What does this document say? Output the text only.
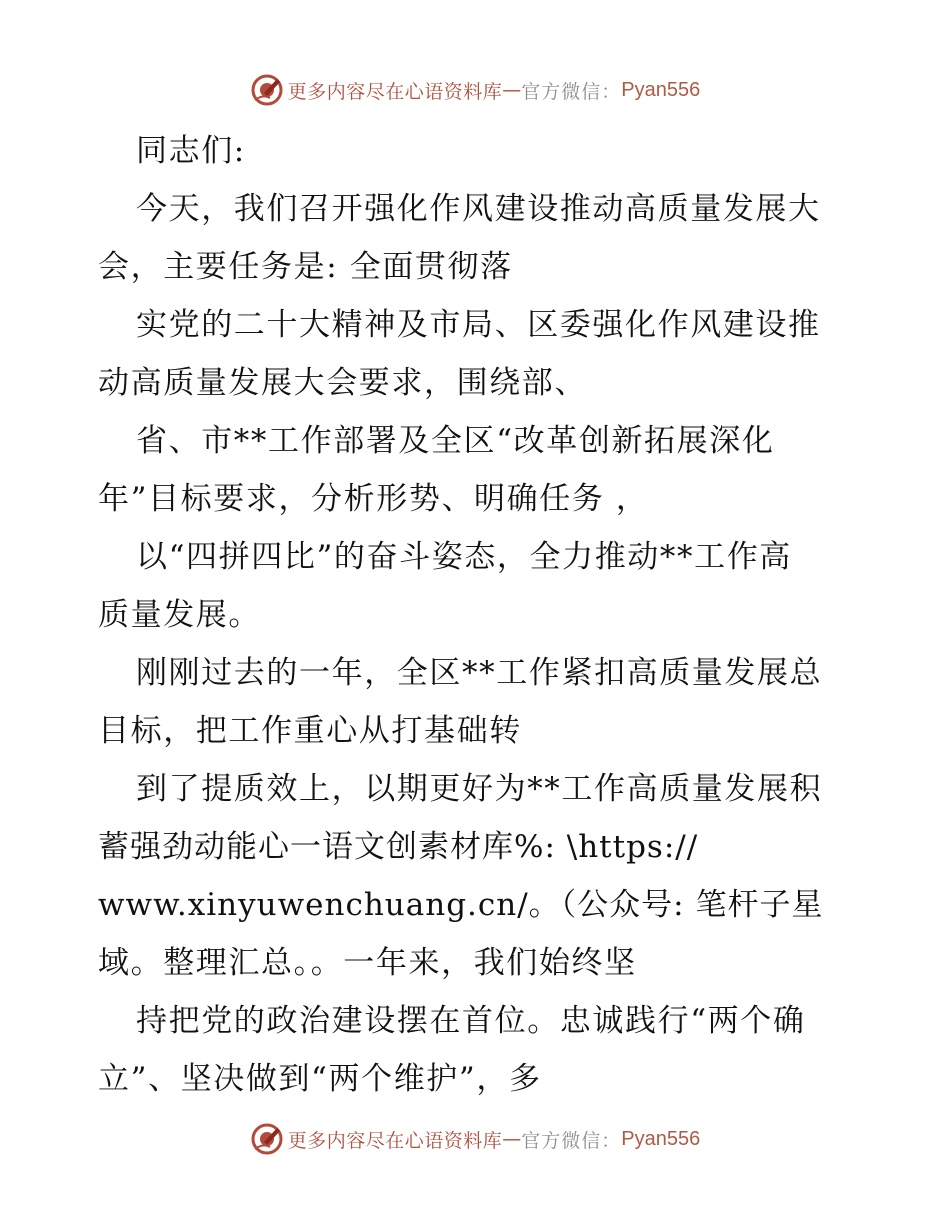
更多内容尽在心语资料库 — 官方微信： Pyan556
同志们:
今天，我们召开强化作风建设推动高质量发展大
会，主要任务是: 全面贯彻落
实党的二十大精神及市局、区委强化作风建设推
动高质量发展大会要求，围绕部、
省、市**工作部署及全区“改革创新拓展深化
年”目标要求，分析形势、明确任务 ，
以“四拼四比”的奋斗姿态，全力推动**工作高
质量发展。
刚刚过去的一年，全区**工作紧扣高质量发展总
目标，把工作重心从打基础转
到了提质效上，以期更好为**工作高质量发展积
蓄强劲动能心一语文创素材库%: \https://
www.xinyuwenchuang.cn/。（公众号: 笔杆子星
域。整理汇总。。一年来，我们始终坚
持把党的政治建设摆在首位。忠诚践行“两个确
立”、坚决做到“两个维护”，多
更多内容尽在心语资料库 — 官方微信： Pyan556
